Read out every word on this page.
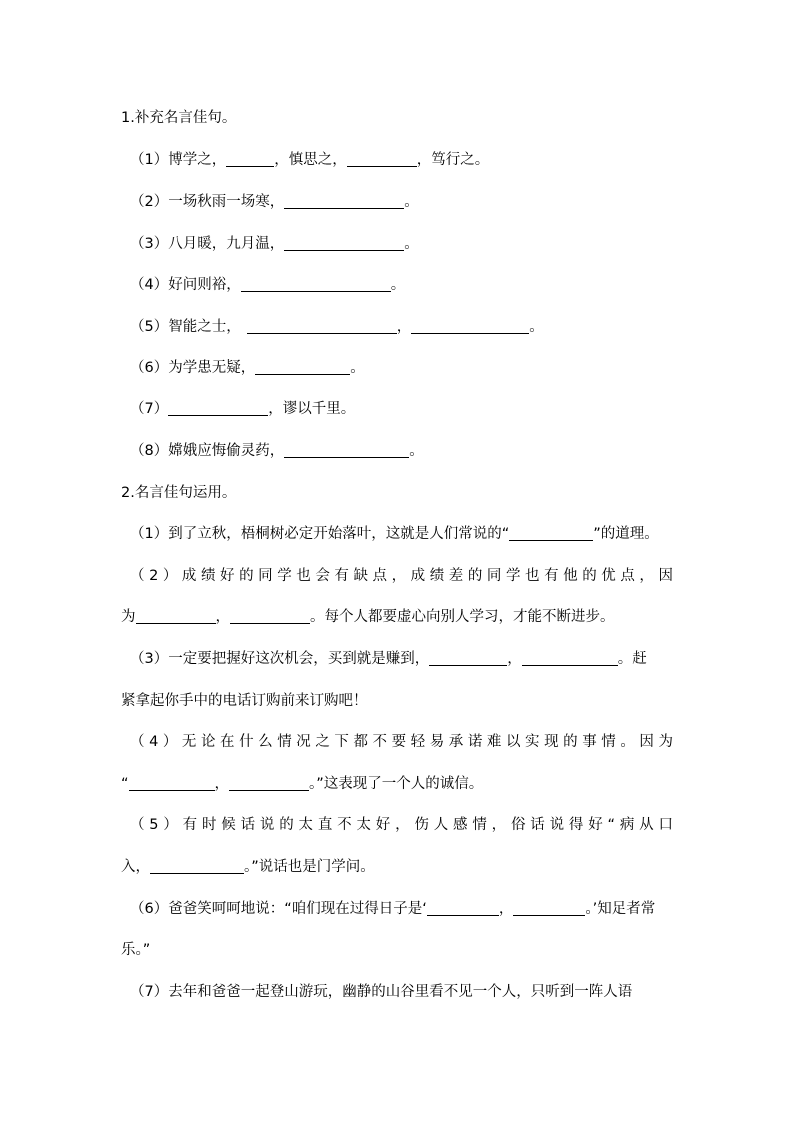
1.补充名言佳句。
（1）博学之，	，慎思之，	，笃行之。
（2）一场秋雨一场寒，	。
（3）八月暖，九月温，	。
（4）好问则裕，	。
（5）智能之士，	，	。
（6）为学患无疑，	。
（7）	，谬以千里。
（8）嫦娥应悔偷灵药，	。
2.名言佳句运用。
（1）到了立秋，梧桐树必定开始落叶，这就是人们常说的“	”的道理。
（2）成绩好的同学也会有缺点，成绩差的同学也有他的优点，因
为	，	。每个人都要虚心向别人学习，才能不断进步。
（3）一定要把握好这次机会，买到就是赚到，	，	。赶
紧拿起你手中的电话订购前来订购吧！
（4）无论在什么情况之下都不要轻易承诺难以实现的事情。因为
“	，	。”这表现了一个人的诚信。
（5）有时候话说的太直不太好，伤人感情，俗话说得好“病从口
入，	。”说话也是门学问。
（6）爸爸笑呵呵地说：“咱们现在过得日子是‘	，	。’知足者常
乐。”
（7）去年和爸爸一起登山游玩，幽静的山谷里看不见一个人，只听到一阵人语
